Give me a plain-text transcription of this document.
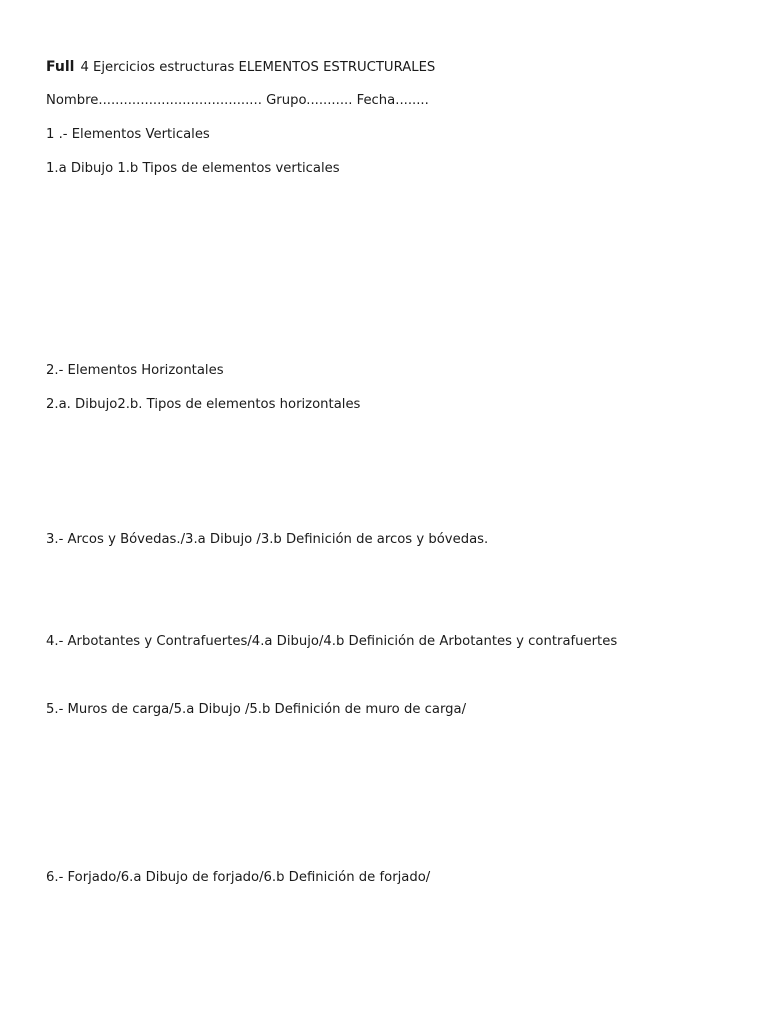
Full 4 Ejercicios estructuras ELEMENTOS ESTRUCTURALES
Nombre....................................... Grupo........... Fecha........
1 .- Elementos Verticales
1.a Dibujo 1.b Tipos de elementos verticales
2.- Elementos Horizontales
2.a. Dibujo2.b. Tipos de elementos horizontales
3.- Arcos y Bóvedas./3.a Dibujo /3.b Definición de arcos y bóvedas.
4.- Arbotantes y Contrafuertes/4.a Dibujo/4.b Definición de Arbotantes y contrafuertes
5.- Muros de carga/5.a Dibujo /5.b Definición de muro de carga/
6.- Forjado/6.a Dibujo de forjado/6.b Definición de forjado/
